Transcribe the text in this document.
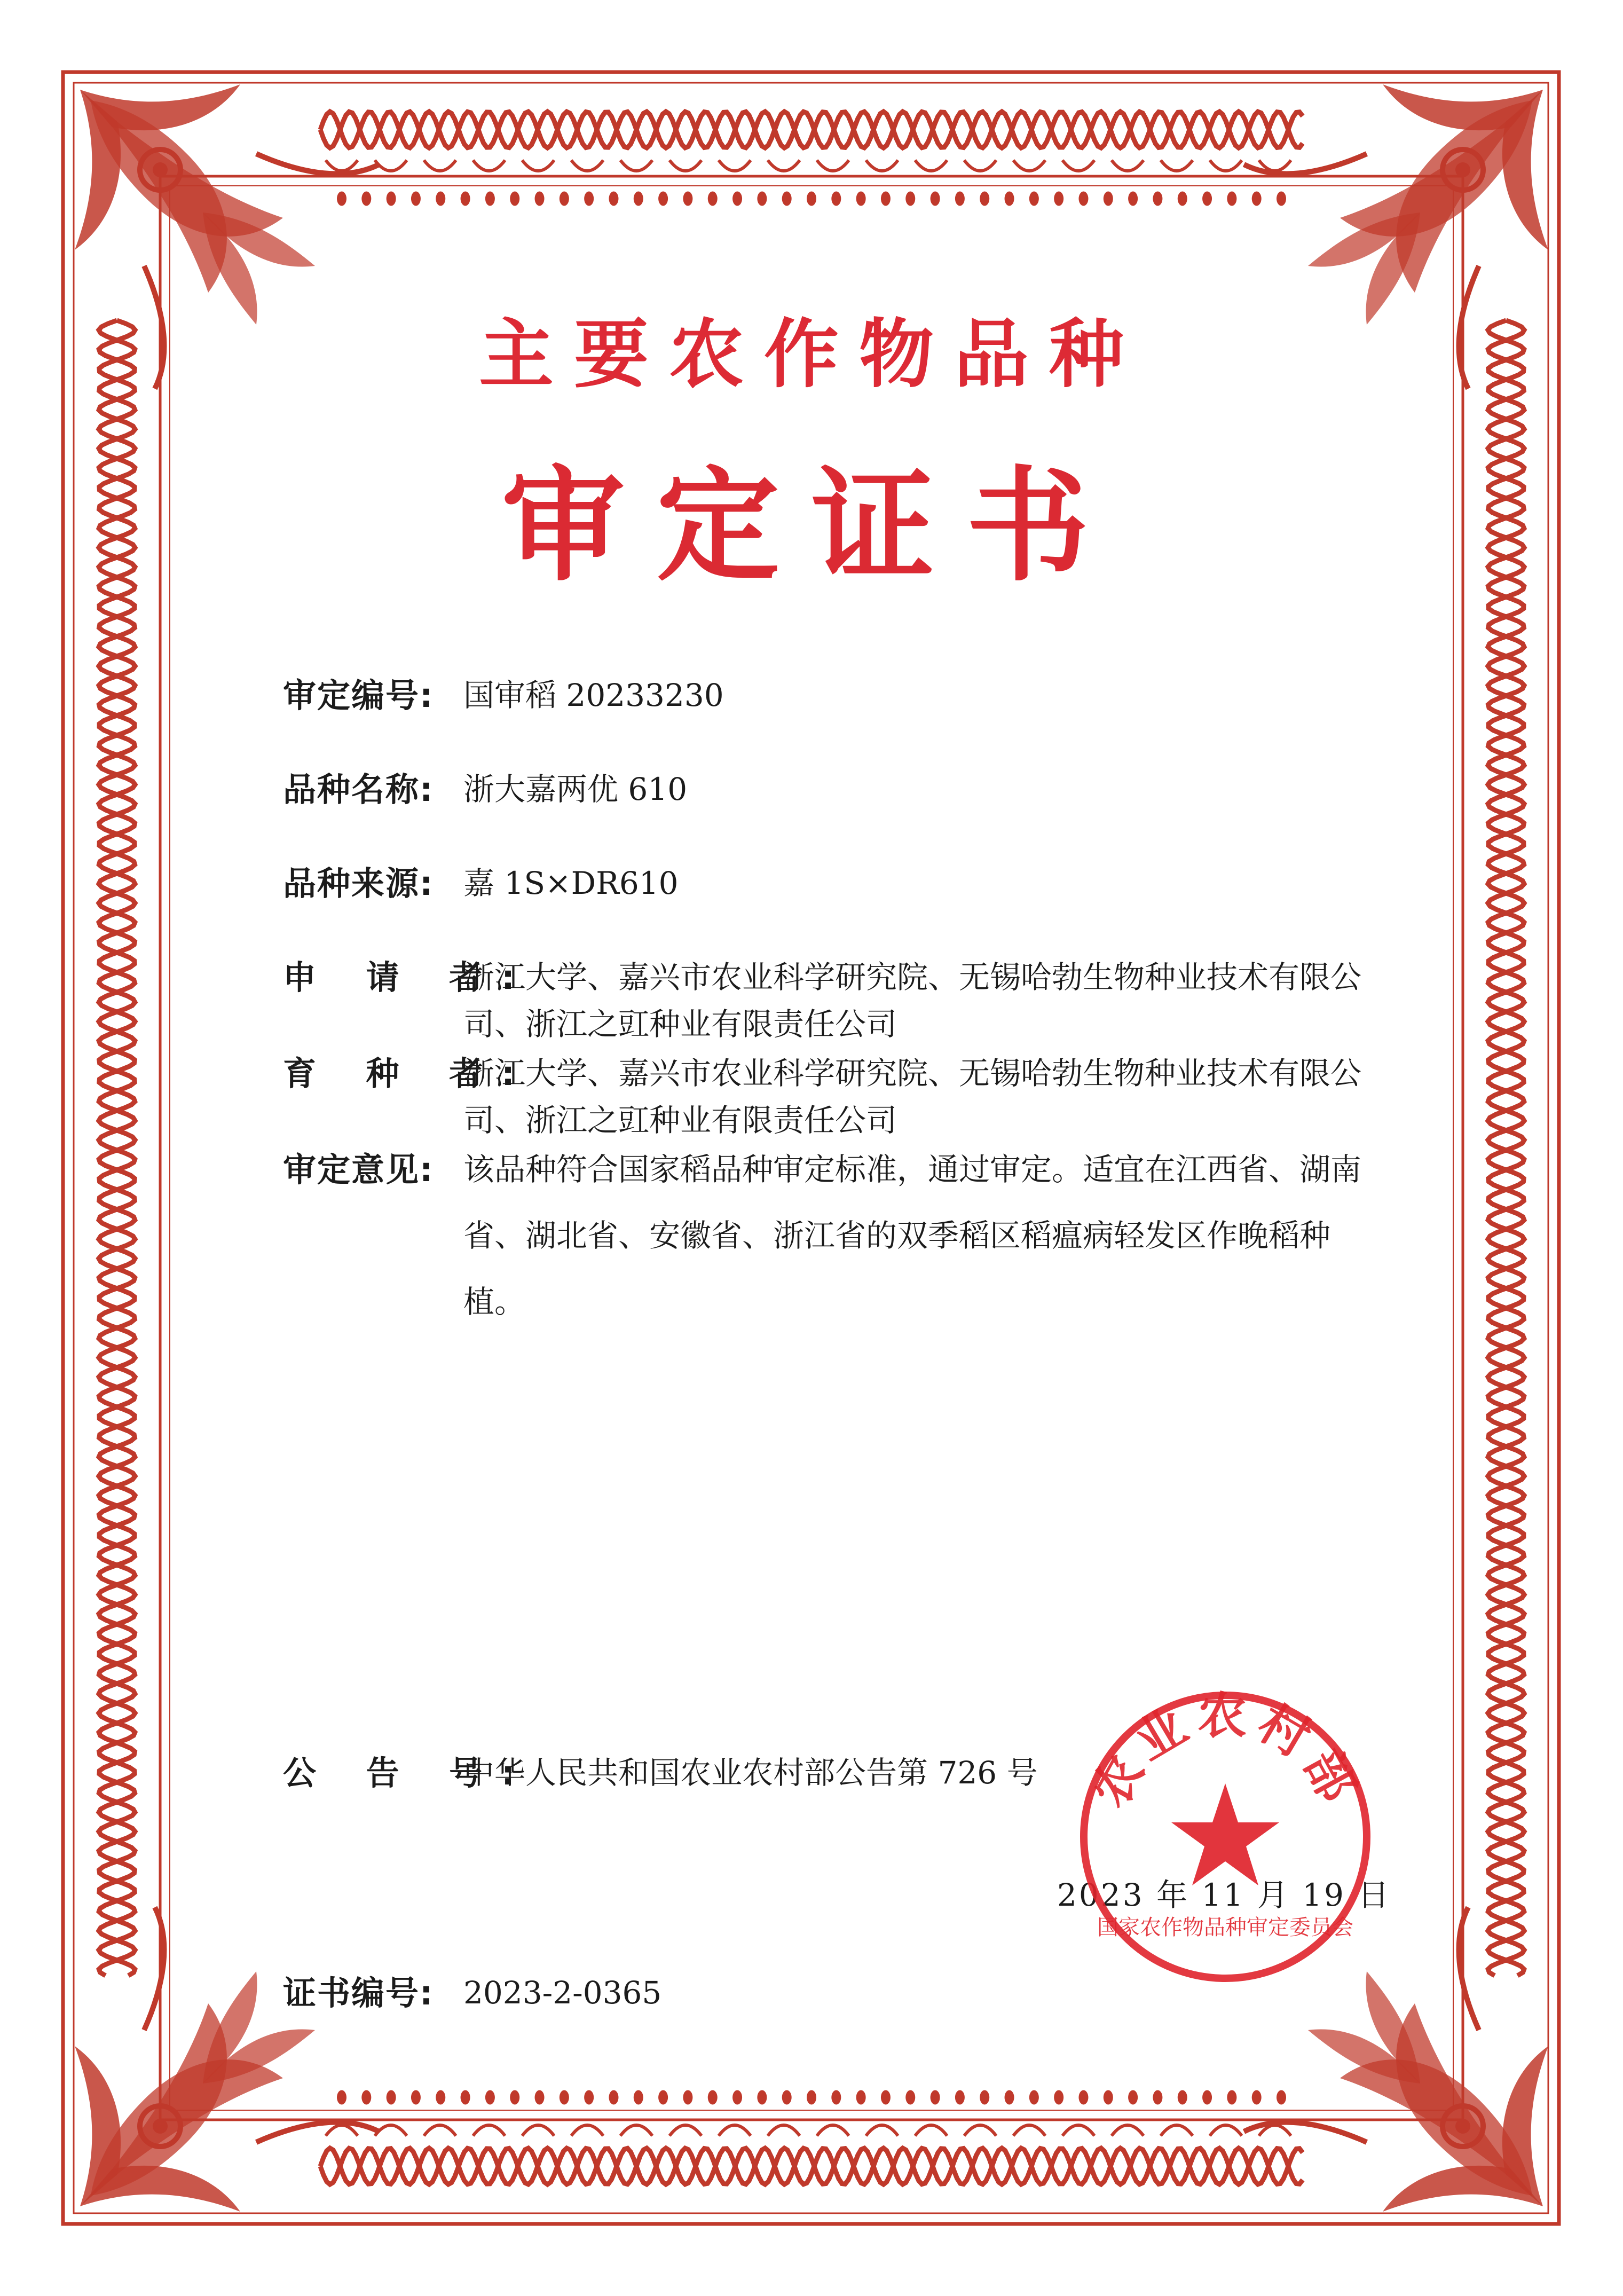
主要农作物品种
审定证书
审定编号: 国审稻 20233230
品种名称: 浙大嘉两优 610
品种来源: 嘉 1S×DR610
申 请 者:
浙江大学、嘉兴市农业科学研究院、无锡哈勃生物种业技术有限公司、浙江之豇种业有限责任公司
育 种 者:
浙江大学、嘉兴市农业科学研究院、无锡哈勃生物种业技术有限公司、浙江之豇种业有限责任公司
审定意见: 该品种符合国家稻品种审定标准，通过审定。适宜在江西省、湖南省、湖北省、安徽省、浙江省的双季稻区稻瘟病轻发区作晚稻种植。
公 告 号:
中华人民共和国农业农村部公告第 726 号
证书编号: 2023-2-0365
2023 年 11 月 19 日
农业农村部
国家农作物品种审定委员会
